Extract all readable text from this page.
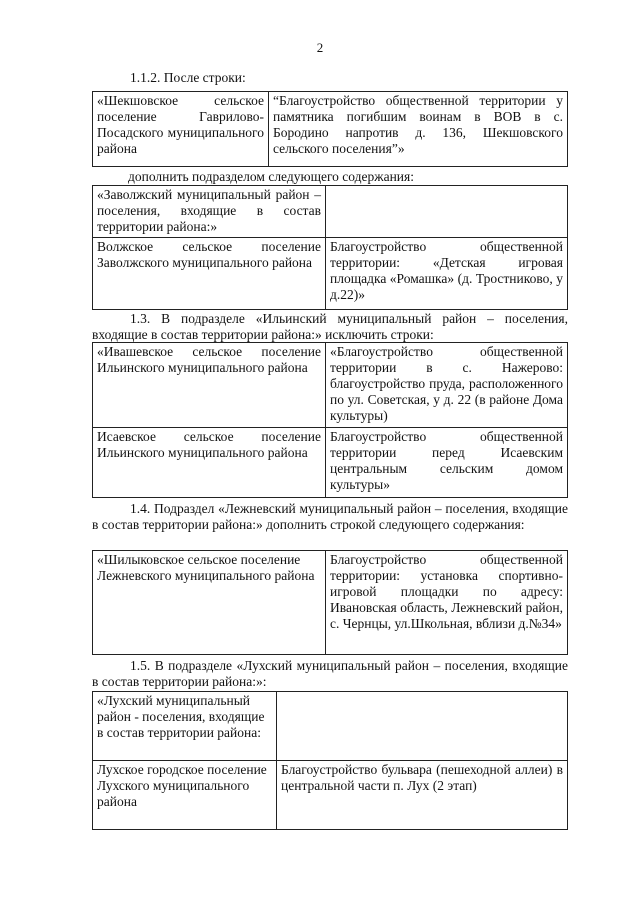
2
1.1.2. После строки:
«Шекшовское сельское поселение Гаврилово-Посадского муниципального района	“Благоустройство общественной территории у памятника погибшим воинам в ВОВ в с. Бородино напротив д. 136, Шекшовского сельского поселения”»
дополнить подразделом следующего содержания:
«Заволжский муниципальный район – поселения, входящие в состав территории района:»	
Волжское сельское поселение Заволжского муниципального района	Благоустройство общественной территории: «Детская игровая площадка «Ромашка» (д. Тростниково, у д.22)»
1.3. В подразделе «Ильинский муниципальный район – поселения, входящие в состав территории района:» исключить строки:
«Ивашевское сельское поселение Ильинского муниципального района	«Благоустройство общественной территории в с. Нажерово: благоустройство пруда, расположенного по ул. Советская, у д. 22 (в районе Дома культуры)
Исаевское сельское поселение Ильинского муниципального района	Благоустройство общественной территории перед Исаевским центральным сельским домом культуры»
1.4. Подраздел «Лежневский муниципальный район – поселения, входящие в состав территории района:» дополнить строкой следующего содержания:
«Шилыковское сельское поселение Лежневского муниципального района	Благоустройство общественной территории: установка спортивно-игровой площадки по адресу: Ивановская область, Лежневский район, с. Чернцы, ул.Школьная, вблизи д.№34»
1.5. В подразделе «Лухский муниципальный район – поселения, входящие в состав территории района:»:
«Лухский муниципальный район - поселения, входящие в состав территории района:	
Лухское городское поселение Лухского муниципального района	Благоустройство бульвара (пешеходной аллеи) в центральной части п. Лух (2 этап)
